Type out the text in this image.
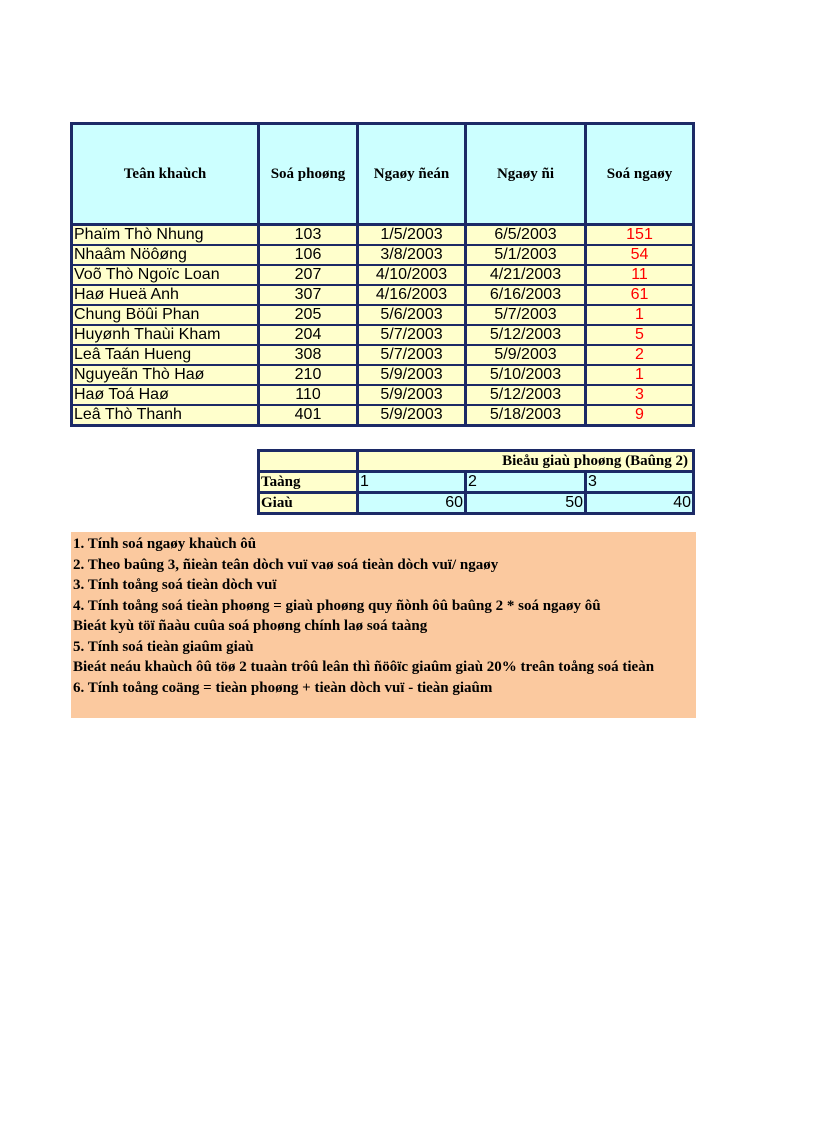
Teân khaùch	Soá phoøng	Ngaøy ñeán	Ngaøy ñi	Soá ngaøy
Phaïm Thò Nhung	103	1/5/2003	6/5/2003	151
Nhaâm Nöôøng	106	3/8/2003	5/1/2003	54
Voõ Thò Ngoïc Loan	207	4/10/2003	4/21/2003	11
Haø Hueä Anh	307	4/16/2003	6/16/2003	61
Chung Böûi Phan	205	5/6/2003	5/7/2003	1
Huyønh Thaùi Kham	204	5/7/2003	5/12/2003	5
Leâ Taán Hueng	308	5/7/2003	5/9/2003	2
Nguyeãn Thò Haø	210	5/9/2003	5/10/2003	1
Haø Toá Haø	110	5/9/2003	5/12/2003	3
Leâ Thò Thanh	401	5/9/2003	5/18/2003	9
	Bieåu giaù phoøng (Baûng 2)		
Taàng	1	2	3
Giaù	60	50	40
1. Tính soá ngaøy khaùch ôû
2. Theo baûng 3, ñieàn teân dòch vuï vaø soá tieàn dòch vuï/ ngaøy
3. Tính toång soá tieàn dòch vuï
4. Tính toång soá tieàn phoøng = giaù phoøng quy ñònh ôû baûng 2 * soá ngaøy ôû
Bieát kyù töï ñaàu cuûa soá phoøng chính laø soá taàng
5. Tính soá tieàn giaûm giaù
Bieát neáu khaùch ôû töø 2 tuaàn trôû leân thì ñöôïc giaûm giaù 20% treân toång soá tieàn
6. Tính toång coäng = tieàn phoøng + tieàn dòch vuï - tieàn giaûm
